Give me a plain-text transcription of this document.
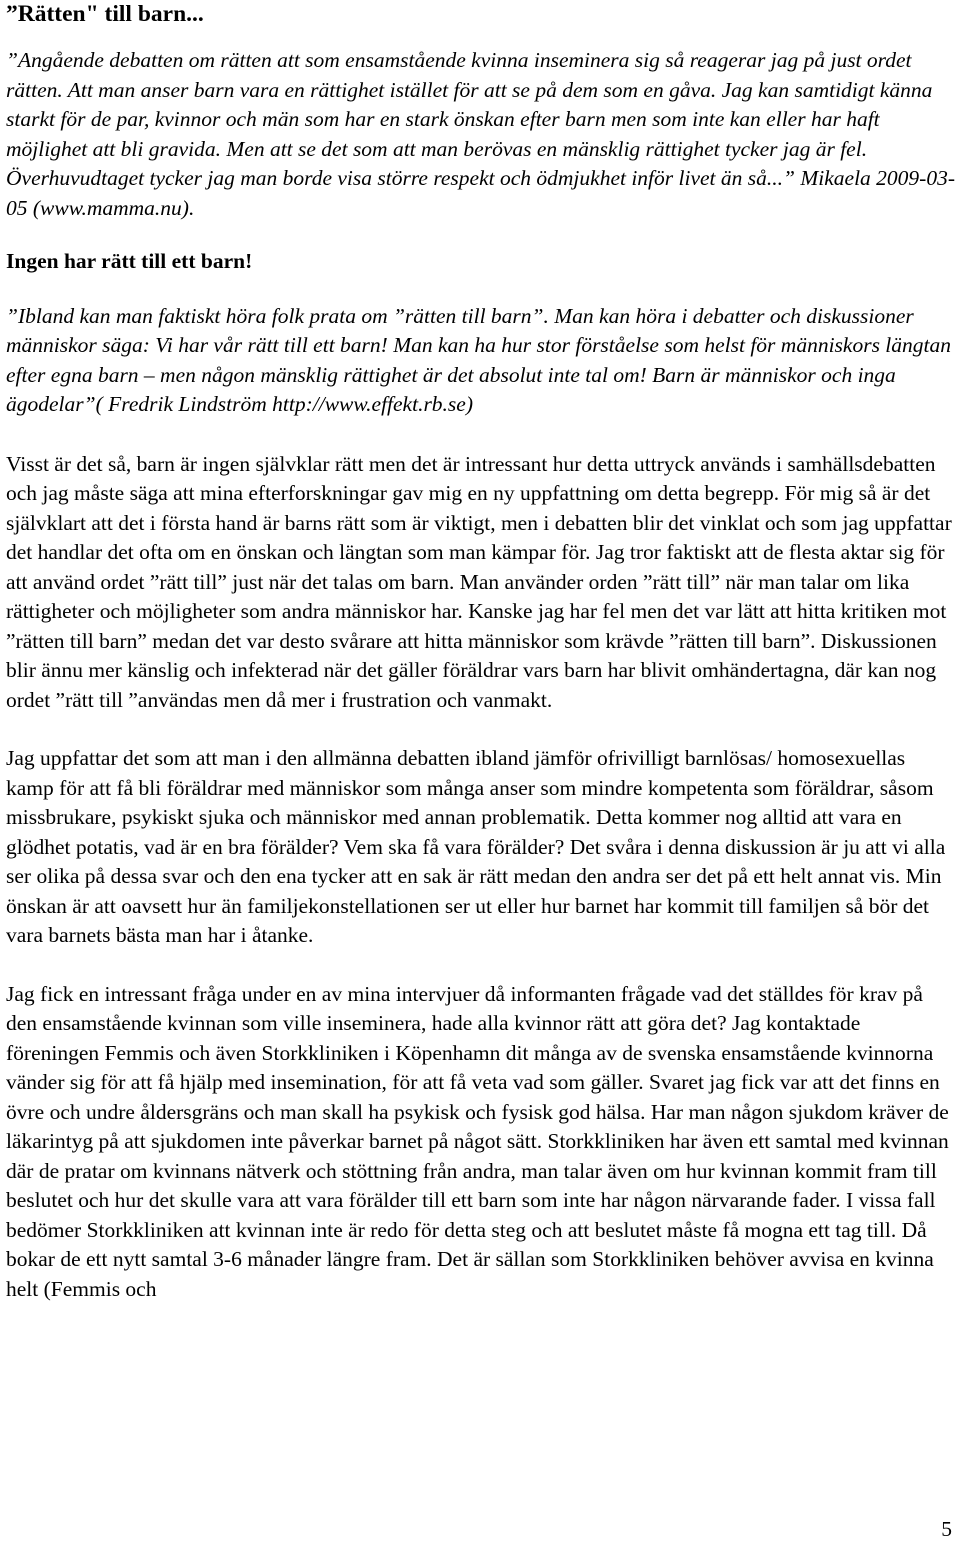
”Rätten" till barn...

”Angående debatten om rätten att som ensamstående kvinna inseminera sig så reagerar jag på just ordet rätten. Att man anser barn vara en rättighet istället för att se på dem som en gåva. Jag kan samtidigt känna starkt för de par, kvinnor och män som har en stark önskan efter barn men som inte kan eller har haft möjlighet att bli gravida. Men att se det som att man berövas en mänsklig rättighet tycker jag är fel. Överhuvudtaget tycker jag man borde visa större respekt och ödmjukhet inför livet än så...” Mikaela 2009-03-05 (www.mamma.nu).

Ingen har rätt till ett barn!

”Ibland kan man faktiskt höra folk prata om ”rätten till barn”. Man kan höra i debatter och diskussioner människor säga: Vi har vår rätt till ett barn! Man kan ha hur stor förståelse som helst för människors längtan efter egna barn – men någon mänsklig rättighet är det absolut inte tal om! Barn är människor och inga ägodelar”( Fredrik Lindström http://www.effekt.rb.se)

Visst är det så, barn är ingen självklar rätt men det är intressant hur detta uttryck används i samhällsdebatten och jag måste säga att mina efterforskningar gav mig en ny uppfattning om detta begrepp. För mig så är det självklart att det i första hand är barns rätt som är viktigt, men i debatten blir det vinklat och som jag uppfattar det handlar det ofta om en önskan och längtan som man kämpar för. Jag tror faktiskt att de flesta aktar sig för att använd ordet ”rätt till” just när det talas om barn. Man använder orden ”rätt till” när man talar om lika rättigheter och möjligheter som andra människor har. Kanske jag har fel men det var lätt att hitta kritiken mot ”rätten till barn” medan det var desto svårare att hitta människor som krävde ”rätten till barn”. Diskussionen blir ännu mer känslig och infekterad när det gäller föräldrar vars barn har blivit omhändertagna, där kan nog ordet ”rätt till ”användas men då mer i frustration och vanmakt.

Jag uppfattar det som att man i den allmänna debatten ibland jämför ofrivilligt barnlösas/ homosexuellas kamp för att få bli föräldrar med människor som många anser som mindre kompetenta som föräldrar, såsom missbrukare, psykiskt sjuka och människor med annan problematik. Detta kommer nog alltid att vara en glödhet potatis, vad är en bra förälder? Vem ska få vara förälder? Det svåra i denna diskussion är ju att vi alla ser olika på dessa svar och den ena tycker att en sak är rätt medan den andra ser det på ett helt annat vis. Min önskan är att oavsett hur än familjekonstellationen ser ut eller hur barnet har kommit till familjen så bör det vara barnets bästa man har i åtanke.

Jag fick en intressant fråga under en av mina intervjuer då informanten frågade vad det ställdes för krav på den ensamstående kvinnan som ville inseminera, hade alla kvinnor rätt att göra det? Jag kontaktade föreningen Femmis och även Storkkliniken i Köpenhamn dit många av de svenska ensamstående kvinnorna vänder sig för att få hjälp med insemination, för att få veta vad som gäller. Svaret jag fick var att det finns en övre och undre åldersgräns och man skall ha psykisk och fysisk god hälsa. Har man någon sjukdom kräver de läkarintyg på att sjukdomen inte påverkar barnet på något sätt. Storkkliniken har även ett samtal med kvinnan där de pratar om kvinnans nätverk och stöttning från andra, man talar även om hur kvinnan kommit fram till beslutet och hur det skulle vara att vara förälder till ett barn som inte har någon närvarande fader. I vissa fall bedömer Storkkliniken att kvinnan inte är redo för detta steg och att beslutet måste få mogna ett tag till. Då bokar de ett nytt samtal 3-6 månader längre fram. Det är sällan som Storkkliniken behöver avvisa en kvinna helt (Femmis och

5
